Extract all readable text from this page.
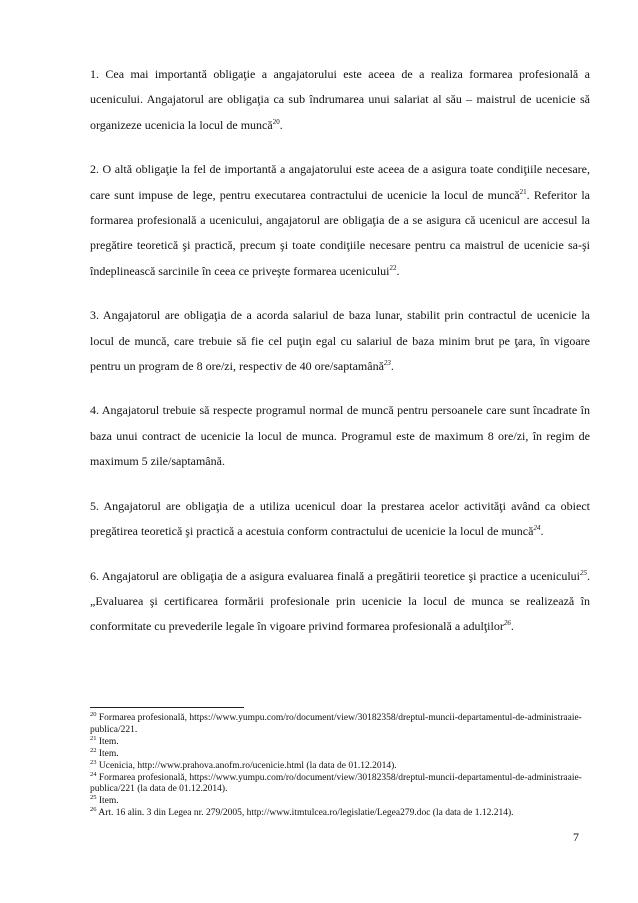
1. Cea mai importantă obligaţie a angajatorului este aceea de a realiza formarea profesională a ucenicului. Angajatorul are obligaţia ca sub îndrumarea unui salariat al său – maistrul de ucenicie să organizeze ucenicia la locul de muncă$^{20}$.

2. O altă obligaţie la fel de importantă a angajatorului este aceea de a asigura toate condiţiile necesare, care sunt impuse de lege, pentru executarea contractului de ucenicie la locul de muncă$^{21}$. Referitor la formarea profesională a ucenicului, angajatorul are obligaţia de a se asigura că ucenicul are accesul la pregătire teoretică şi practică, precum şi toate condiţiile necesare pentru ca maistrul de ucenicie sa-şi îndeplinească sarcinile în ceea ce priveşte formarea ucenicului$^{22}$.

3. Angajatorul are obligaţia de a acorda salariul de baza lunar, stabilit prin contractul de ucenicie la locul de muncă, care trebuie să fie cel puţin egal cu salariul de baza minim brut pe ţara, în vigoare pentru un program de 8 ore/zi, respectiv de 40 ore/saptamână$^{23}$.

4. Angajatorul trebuie să respecte programul normal de muncă pentru persoanele care sunt încadrate în baza unui contract de ucenicie la locul de munca. Programul este de maximum 8 ore/zi, în regim de maximum 5 zile/saptamână.

5. Angajatorul are obligaţia de a utiliza ucenicul doar la prestarea acelor activităţi având ca obiect pregătirea teoretică şi practică a acestuia conform contractului de ucenicie la locul de muncă$^{24}$.

6. Angajatorul are obligaţia de a asigura evaluarea finală a pregătirii teoretice şi practice a ucenicului$^{25}$. „Evaluarea şi certificarea formării profesionale prin ucenicie la locul de munca se realizează în conformitate cu prevederile legale în vigoare privind formarea profesională a adulţilor$^{26}$.

$^{20}$ Formarea profesională, https://www.yumpu.com/ro/document/view/30182358/dreptul-muncii-departamentul-de-administraaie-publica/221.
$^{21}$ Item.
$^{22}$ Item.
$^{23}$ Ucenicia, http://www.prahova.anofm.ro/ucenicie.html (la data de 01.12.2014).
$^{24}$ Formarea profesională, https://www.yumpu.com/ro/document/view/30182358/dreptul-muncii-departamentul-de-administraaie-publica/221 (la data de 01.12.2014).
$^{25}$ Item.
$^{26}$ Art. 16 alin. 3 din Legea nr. 279/2005, http://www.itmtulcea.ro/legislatie/Legea279.doc (la data de 1.12.214).
7
